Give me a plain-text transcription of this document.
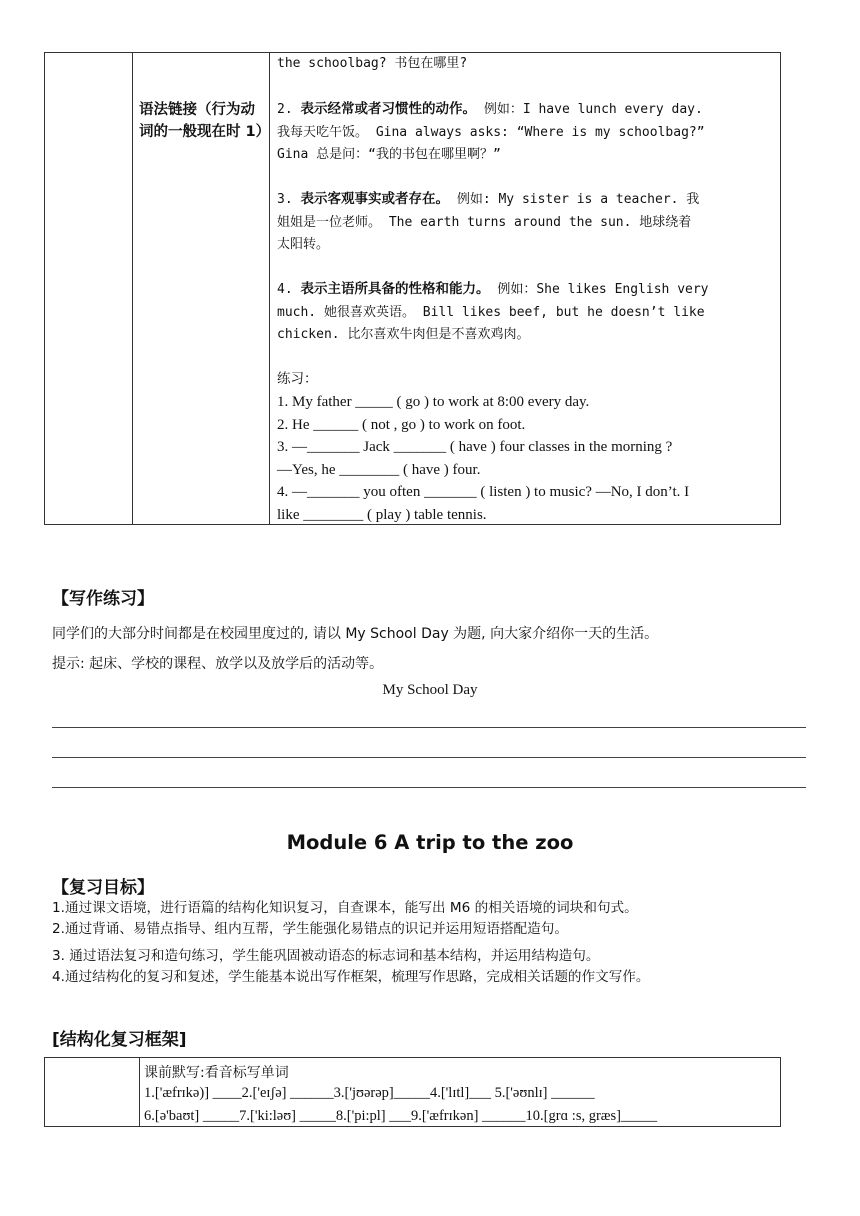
语法链接（行为动词的一般现在时 1）
the schoolbag? 书包在哪里?
2. 表示经常或者习惯性的动作。 例如：I have lunch every day.
我每天吃午饭。 Gina always asks: “Where is my schoolbag?”
Gina 总是问：“我的书包在哪里啊？”
3. 表示客观事实或者存在。 例如: My sister is a teacher. 我
姐姐是一位老师。 The earth turns around the sun. 地球绕着
太阳转。
4. 表示主语所具备的性格和能力。 例如：She likes English very
much. 她很喜欢英语。 Bill likes beef, but he doesn’t like
chicken. 比尔喜欢牛肉但是不喜欢鸡肉。
练习：
1. My father _____ ( go ) to work at 8:00 every day.
2. He ______ ( not , go ) to work on foot.
3. —_______ Jack _______ ( have ) four classes in the morning ?
—Yes, he ________ ( have ) four.
4. —_______ you often _______ ( listen ) to music? —No, I don’t. I
like ________ ( play ) table tennis.
【写作练习】
同学们的大部分时间都是在校园里度过的, 请以 My School Day 为题, 向大家介绍你一天的生活。
提示: 起床、学校的课程、放学以及放学后的活动等。
My School Day
Module 6 A trip to the zoo
【复习目标】
1.通过课文语境，进行语篇的结构化知识复习，自查课本，能写出 M6 的相关语境的词块和句式。
2.通过背诵、易错点指导、组内互帮，学生能强化易错点的识记并运用短语搭配造句。
3. 通过语法复习和造句练习，学生能巩固被动语态的标志词和基本结构，并运用结构造句。
4.通过结构化的复习和复述，学生能基本说出写作框架，梳理写作思路，完成相关话题的作文写作。
[结构化复习框架]
课前默写:看音标写单词
1.['æfrɪkə)] ____2.['eɪʃə] ______3.['jʊərəp]_____4.['lɪtl]___ 5.['əʊnlɪ] ______
6.[ə'baʊt] _____7.['ki:ləʊ] _____8.['pi:pl] ___9.['æfrɪkən] ______10.[grɑ :s, græs]_____
